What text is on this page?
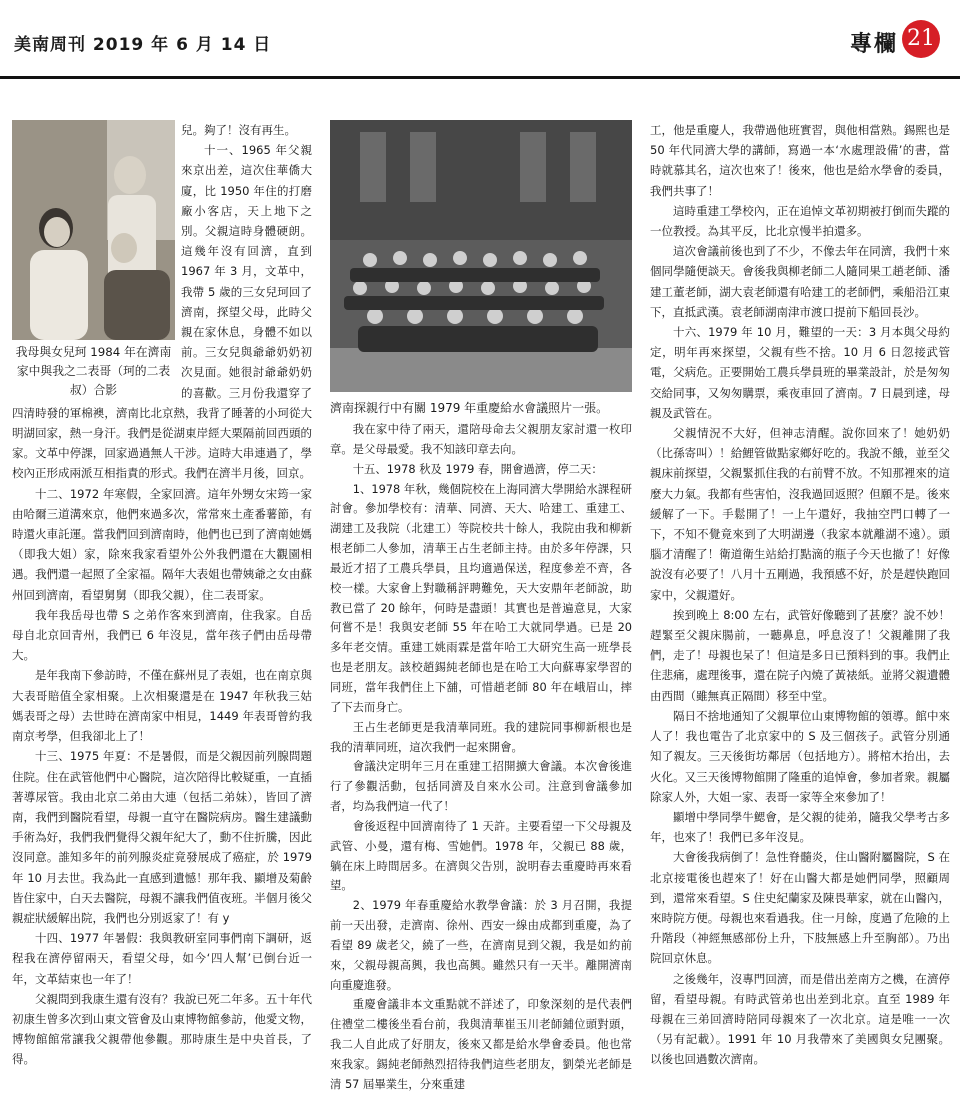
美南周刊 2019 年 6 月 14 日	專欄 21
我母與女兒珂 1984 年在濟南家中與我之二表哥（珂的二表叔）合影

兒。夠了！沒有再生。

十一、1965 年父親來京出差，這次住華僑大廈，比 1950 年住的打磨廠小客店，天上地下之別。父親這時身體硬朗。這幾年沒有回濟，直到 1967 年 3 月，文革中，我帶 5 歲的三女兒珂回了濟南，探望父母，此時父親在家休息，身體不如以前。三女兒與爺爺奶奶初次見面。她很討爺爺奶奶的喜歡。三月份我還穿了四清時發的軍棉襖，濟南比北京熱，我背了睡著的小珂從大明湖回家，熱一身汗。我們是從湖東岸經大栗隔前回西頭的家。文革中停課，回家過過無人干涉。這時大串連過了，學校內正形成兩派互相指責的形式。我們在濟半月後，回京。

十二、1972 年寒假，全家回濟。這年外甥女宋筠一家由哈爾三道溝來京，他們來過多次，常常來土產番薯節，有時還火車託運。當我們回到濟南時，他們也已到了濟南她媽（即我大姐）家，除來我家看望外公外我們還在大觀園相遇。我們還一起照了全家福。隔年大表姐也帶姨爺之女由蘇州回到濟南，看望舅舅（即我父親），住二表哥家。

我年我岳母也帶 S 之弟作客來到濟南，住我家。自岳母自北京回青州，我們已 6 年沒見，當年孩子們由岳母帶大。

是年我南下參訪時，不僅在蘇州見了表姐，也在南京與大表哥賠值全家相聚。上次相聚還是在 1947 年秋我三姑媽表哥之母）去世時在濟南家中相見，1449 年表哥曾約我南京考學，但我卻北上了！

十三、1975 年夏：不是暑假，而是父親因前列腺問題住院。住在武管他們中心醫院，這次陪得比較疑重，一直插著導尿管。我由北京二弟由大連（包括二弟妹），皆回了濟南，我們到醫院看望，母親一直守在醫院病房。醫生建議動手術為好，我們我們覺得父親年紀大了，動不住折騰，因此沒同意。誰知多年的前列腺炎症竟發展成了癌症，於 1979 年 10 月去世。我為此一直感到遺憾！那年我、顯增及菊齡皆住家中，白天去醫院，母親不讓我們值夜班。半個月後父親症狀緩解出院，我們也分別返家了！有 y

十四、1977 年暑假：我與教研室同事們南下調研，返程我在濟停留兩天，看望父母，如今‘四人幫’已倒台近一年，文革結束也一年了！

父親問到我康生還有沒有？我說已死二年多。五十年代初康生曾多次到山東文管會及山東博物館參訪，他愛文物，博物館館常讓我父親帶他參觀。那時康生是中央首長，了得。

濟南探親行中有關 1979 年重慶給水會議照片一張。

我在家中待了兩天，還陪母命去父親朋友家討還一枚印章。是父母最愛。我不知該印章去向。

十五、1978 秋及 1979 春，開會過濟，停二天：

1、1978 年秋，幾個院校在上海同濟大學開給水課程研討會。參加學校有：清華、同濟、天大、哈建工、重建工、湖建工及我院（北建工）等院校共十餘人，我院由我和柳新根老師二人參加，清華王占生老師主持。由於多年停課，只最近才招了工農兵學員，且均適過保送，程度參差不齊，各校一樣。大家會上對職稱評聘難免，天大安鼎年老師說，助教已當了 20 餘年，何時是盡頭！其實也是普遍意見，大家何嘗不是！我與安老師 55 年在哈工大就同學過。已是 20 多年老交情。重建工姚雨霖是當年哈工大研究生高一班學長也是老朋友。該校趙錫純老師也是在哈工大向蘇專家學習的同班，當年我們住上下舖，可惜趙老師 80 年在峨眉山，摔了下去而身亡。

王占生老師更是我清華同班。我的建院同事柳新根也是我的清華同班，這次我們一起來開會。

會議決定明年三月在重建工招開擴大會議。本次會後進行了參觀活動，包括同濟及自來水公司。注意到會議參加者，均為我們這一代了！

會後返程中回濟南待了 1 天許。主要看望一下父母親及武管、小曼，還有梅、雪她們。1978 年，父親已 88 歲，躺在床上時間居多。在濟與父告別，說明春去重慶時再來看望。

2、1979 年春重慶給水教學會議：於 3 月召開，我提前一天出發，走濟南、徐州、西安一線由成都到重慶，為了看望 89 歲老父，繞了一些，在濟南見到父親，我是如約前來，父親母親高興，我也高興。雖然只有一天半。離開濟南向重慶進發。

重慶會議非本文重點就不詳述了，印象深刻的是代表們住禮堂二樓後坐看台前，我與清華崔玉川老師鋪位頭對頭，我二人自此成了好朋友，後來又都是給水學會委員。他也常來我家。錫純老師熱烈招待我們這些老朋友，劉榮光老師是清 57 屆畢業生，分來重建

工，他是重慶人，我帶過他班實習，與他相當熟。錫熙也是 50 年代同濟大學的講師，寫過一本‘水處理設備’的書，當時就慕其名，這次也來了！後來，他也是給水學會的委員，我們共事了！

這時重建工學校內，正在追悼文革初期被打倒而失蹤的一位教授。為其平反，比北京慢半拍還多。

這次會議前後也到了不少，不像去年在同濟，我們十來個同學隨便談天。會後我與柳老師二人隨同果工趙老師、潘建工董老師，湖大袁老師還有哈建工的老師們，乘船沿江東下，直抵武漢。袁老師湖南津市渡口提前下船回長沙。

十六、1979 年 10 月，難望的一天：3 月本與父母約定，明年再來探望，父親有些不捨。10 月 6 日忽接武管電，父病危。正要開始工農兵學員班的畢業設計，於是匆匆交給同事，又匆匆購票，乘夜車回了濟南。7 日晨到達，母親及武管在。

父親情況不大好，但神志清醒。說你回來了！她奶奶（比孫寄叫）！給鯉管做點家鄉好吃的。我說不餓，並至父親床前探望，父親緊抓住我的右前臂不放。不知那裡來的這麼大力氣。我都有些害怕，沒我過回返照？但願不是。後來緩解了一下。手鬆開了！一上午還好，我抽空門口轉了一下，不知不覺竟來到了大明湖邊（我家本就離湖不遠）。頭腦才清醒了！衛道衛生站給打點滴的瓶子今天也撤了！好像說沒有必要了！八月十五剛過，我預感不好，於是趕快跑回家中，父親還好。

挨到晚上 8:00 左右，武管好像聽到了甚麼？說不妙！趕緊至父親床腸前，一聽鼻息，呼息沒了！父親離開了我們，走了！母親也呆了！但這是多日已預料到的事。我們止住悲痛，處理後事，還在院子內燒了黃裱紙。並將父親遺體由西間（雖無真正隔間）移至中堂。

隔日不捨地通知了父親單位山東博物館的領導。館中來人了！我也電告了北京家中的 S 及三個孩子。武管分別通知了親友。三天後街坊鄰居（包括地方）。將棺木抬出，去火化。又三天後博物館開了隆重的追悼會，參加者衆。親屬除家人外，大姐一家、表哥一家等全來參加了！

顯增中學同學牛鰓會，是父親的徒弟，隨我父學考古多年，也來了！我們已多年沒見。

大會後我病倒了！急性脊髓炎，住山醫附屬醫院，S 在北京接電後也趕來了！好在山醫大都是她們同學，照顧周到，還常來看望。S 住史紀蘭家及陳畏華家，就在山醫內，來時院方便。母親也來看過我。住一月餘，度過了危險的上升階段（神經無感部份上升，下肢無感上升至胸部）。乃出院回京休息。

之後幾年，沒專門回濟，而是借出差南方之機，在濟停留，看望母親。有時武管弟也出差到北京。直至 1989 年母親在三弟回濟時陪同母親來了一次北京。這是唯一一次（另有記載）。1991 年 10 月我帶來了美國與女兒團聚。以後也回過數次濟南。
